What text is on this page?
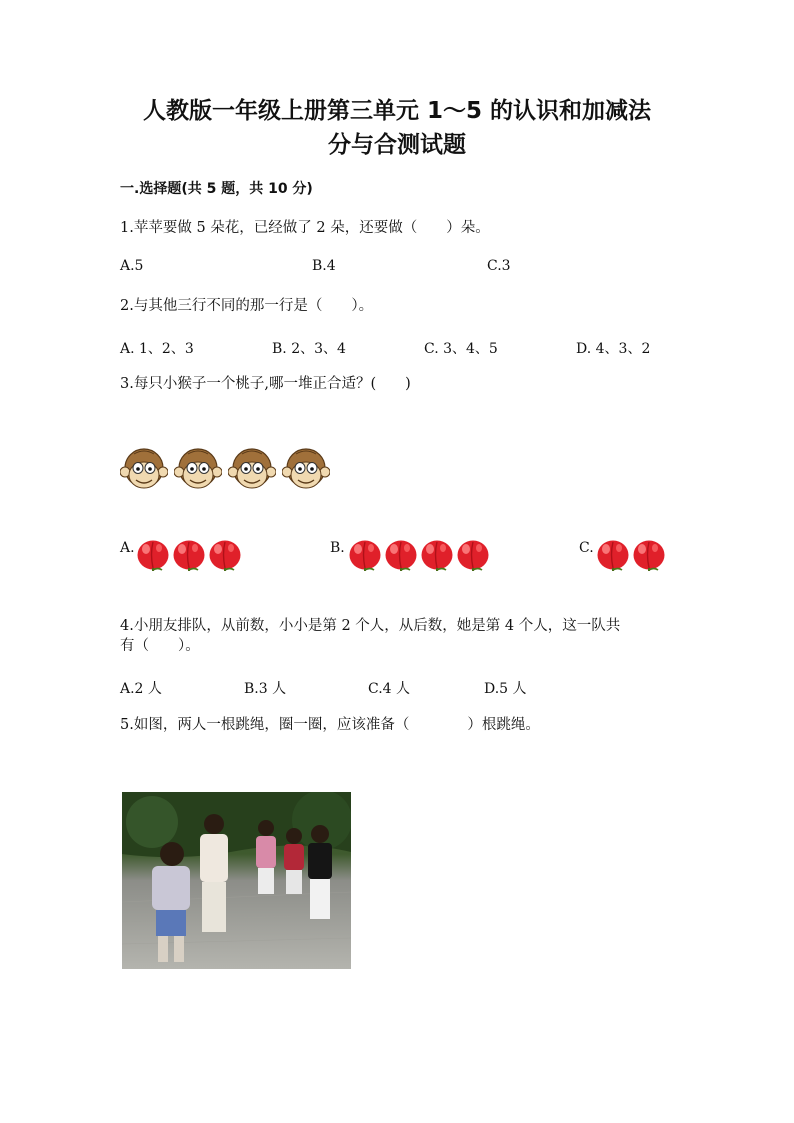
人教版一年级上册第三单元 1～5 的认识和加减法
分与合测试题
一.选择题(共 5 题，共 10 分)
1.苹苹要做 5 朵花，已经做了 2 朵，还要做（　　）朵。
A.5	B.4	C.3
2.与其他三行不同的那一行是（　　）。
A. 1、2、3	B. 2、3、4	C. 3、4、5	D. 4、3、2
3.每只小猴子一个桃子,哪一堆正合适？(　　)
A.	B.	C.
4.小朋友排队，从前数，小小是第 2 个人，从后数，她是第 4 个人，这一队共
有（　　）。
A.2 人	B.3 人	C.4 人	D.5 人
5.如图，两人一根跳绳，圈一圈，应该准备（　　　　）根跳绳。
